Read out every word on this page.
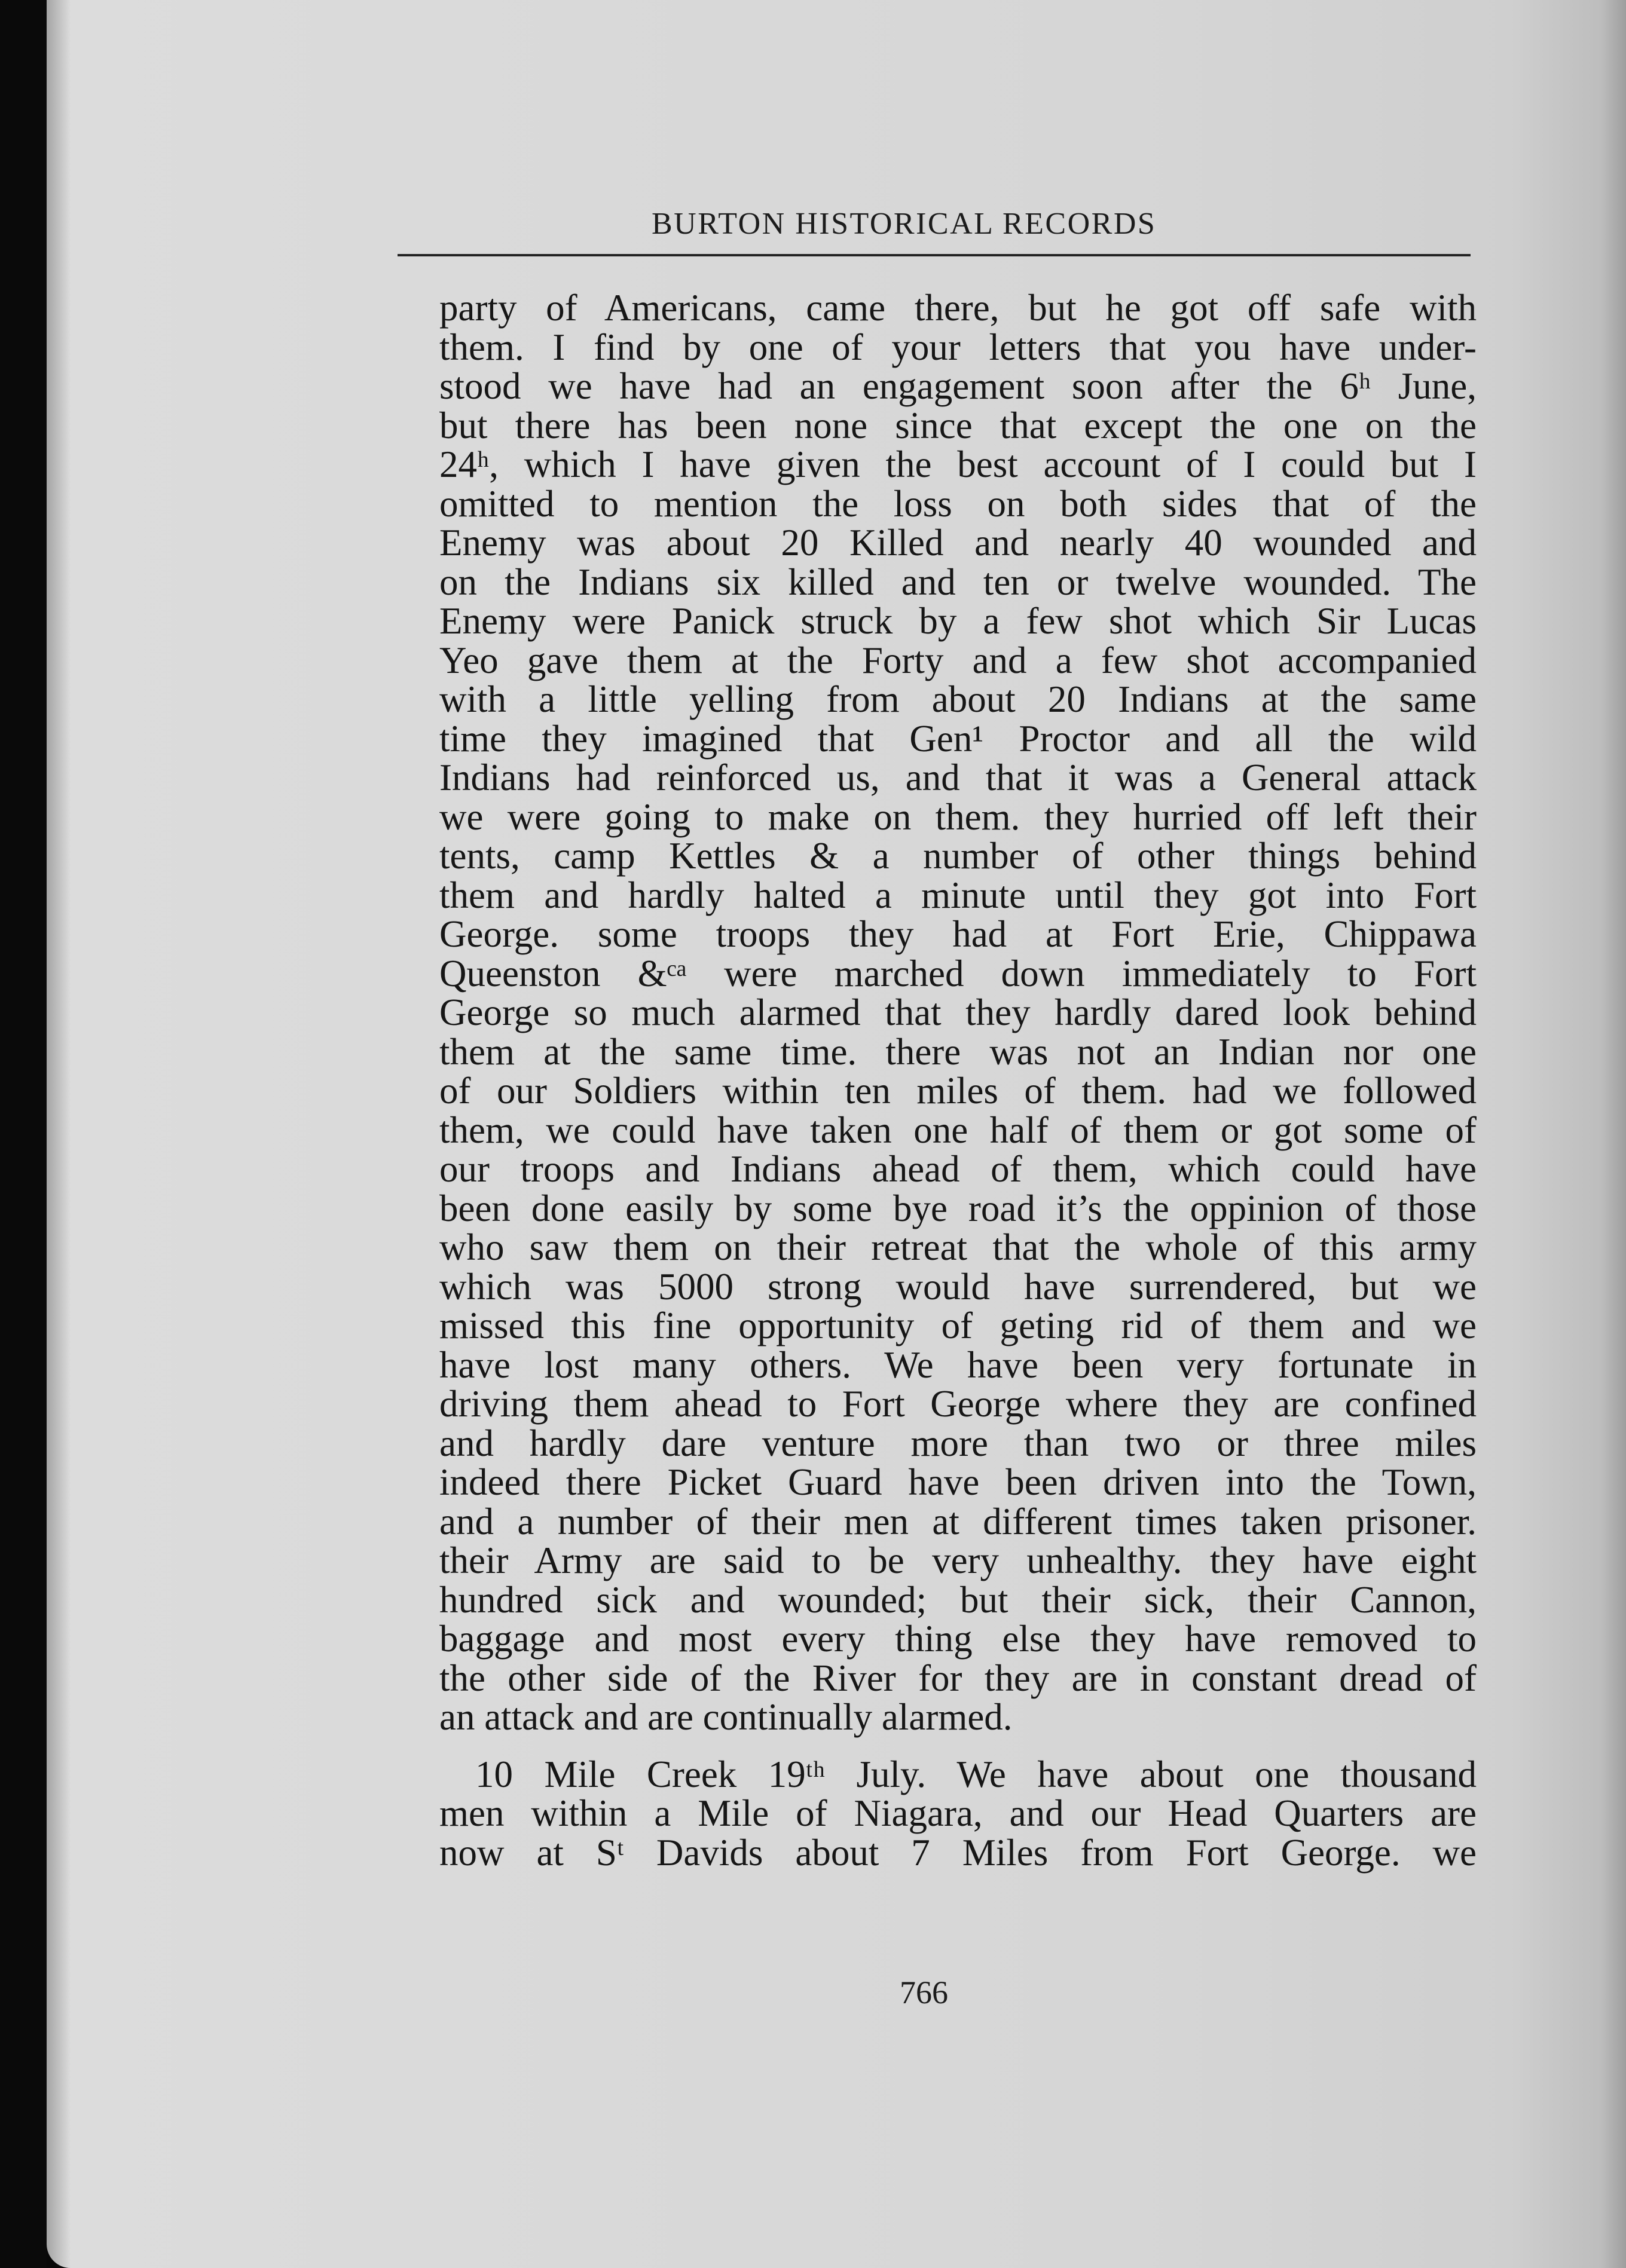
BURTON HISTORICAL RECORDS
party of Americans, came there, but he got off safe with
them. I find by one of your letters that you have under-
stood we have had an engagement soon after the 6ʰ June,
but there has been none since that except the one on the
24ʰ, which I have given the best account of I could but I
omitted to mention the loss on both sides that of the
Enemy was about 20 Killed and nearly 40 wounded and
on the Indians six killed and ten or twelve wounded. The
Enemy were Panick struck by a few shot which Sir Lucas
Yeo gave them at the Forty and a few shot accompanied
with a little yelling from about 20 Indians at the same
time they imagined that Gen¹ Proctor and all the wild
Indians had reinforced us, and that it was a General attack
we were going to make on them. they hurried off left their
tents, camp Kettles & a number of other things behind
them and hardly halted a minute until they got into Fort
George. some troops they had at Fort Erie, Chippawa
Queenston &ᶜᵃ were marched down immediately to Fort
George so much alarmed that they hardly dared look behind
them at the same time. there was not an Indian nor one
of our Soldiers within ten miles of them. had we followed
them, we could have taken one half of them or got some of
our troops and Indians ahead of them, which could have
been done easily by some bye road it’s the oppinion of those
who saw them on their retreat that the whole of this army
which was 5000 strong would have surrendered, but we
missed this fine opportunity of geting rid of them and we
have lost many others. We have been very fortunate in
driving them ahead to Fort George where they are confined
and hardly dare venture more than two or three miles
indeed there Picket Guard have been driven into the Town,
and a number of their men at different times taken prisoner.
their Army are said to be very unhealthy. they have eight
hundred sick and wounded; but their sick, their Cannon,
baggage and most every thing else they have removed to
the other side of the River for they are in constant dread of
an attack and are continually alarmed.
10 Mile Creek 19ᵗʰ July. We have about one thousand
men within a Mile of Niagara, and our Head Quarters are
now at Sᵗ Davids about 7 Miles from Fort George. we
766
